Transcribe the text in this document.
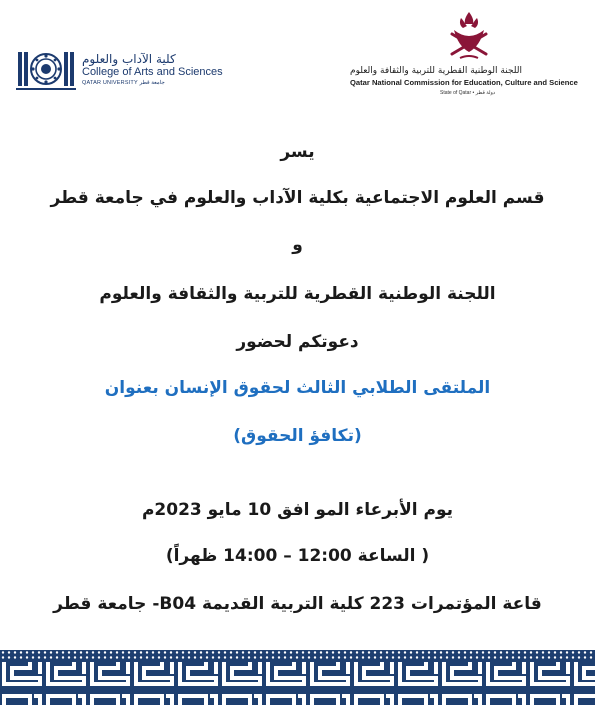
كلية الآداب والعلوم
College of Arts and Sciences
QATAR UNIVERSITY جامعة قطر
اللجنة الوطنية القطرية للتربية والثقافة والعلوم
Qatar National Commission for Education, Culture and Science
State of Qatar • دولة قطر
يسر
قسم العلوم الاجتماعية بكلية الآداب والعلوم في جامعة قطر
و
اللجنة الوطنية القطرية للتربية والثقافة والعلوم
دعوتكم لحضور
الملتقى الطلابي الثالث لحقوق الإنسان بعنوان
(تكافؤ الحقوق)
يوم الأبرعاء المو افق 10 مايو 2023م
( الساعة 12:00 – 14:00 ظهراً)
قاعة المؤتمرات 223 كلية التربية القديمة B04- جامعة قطر
